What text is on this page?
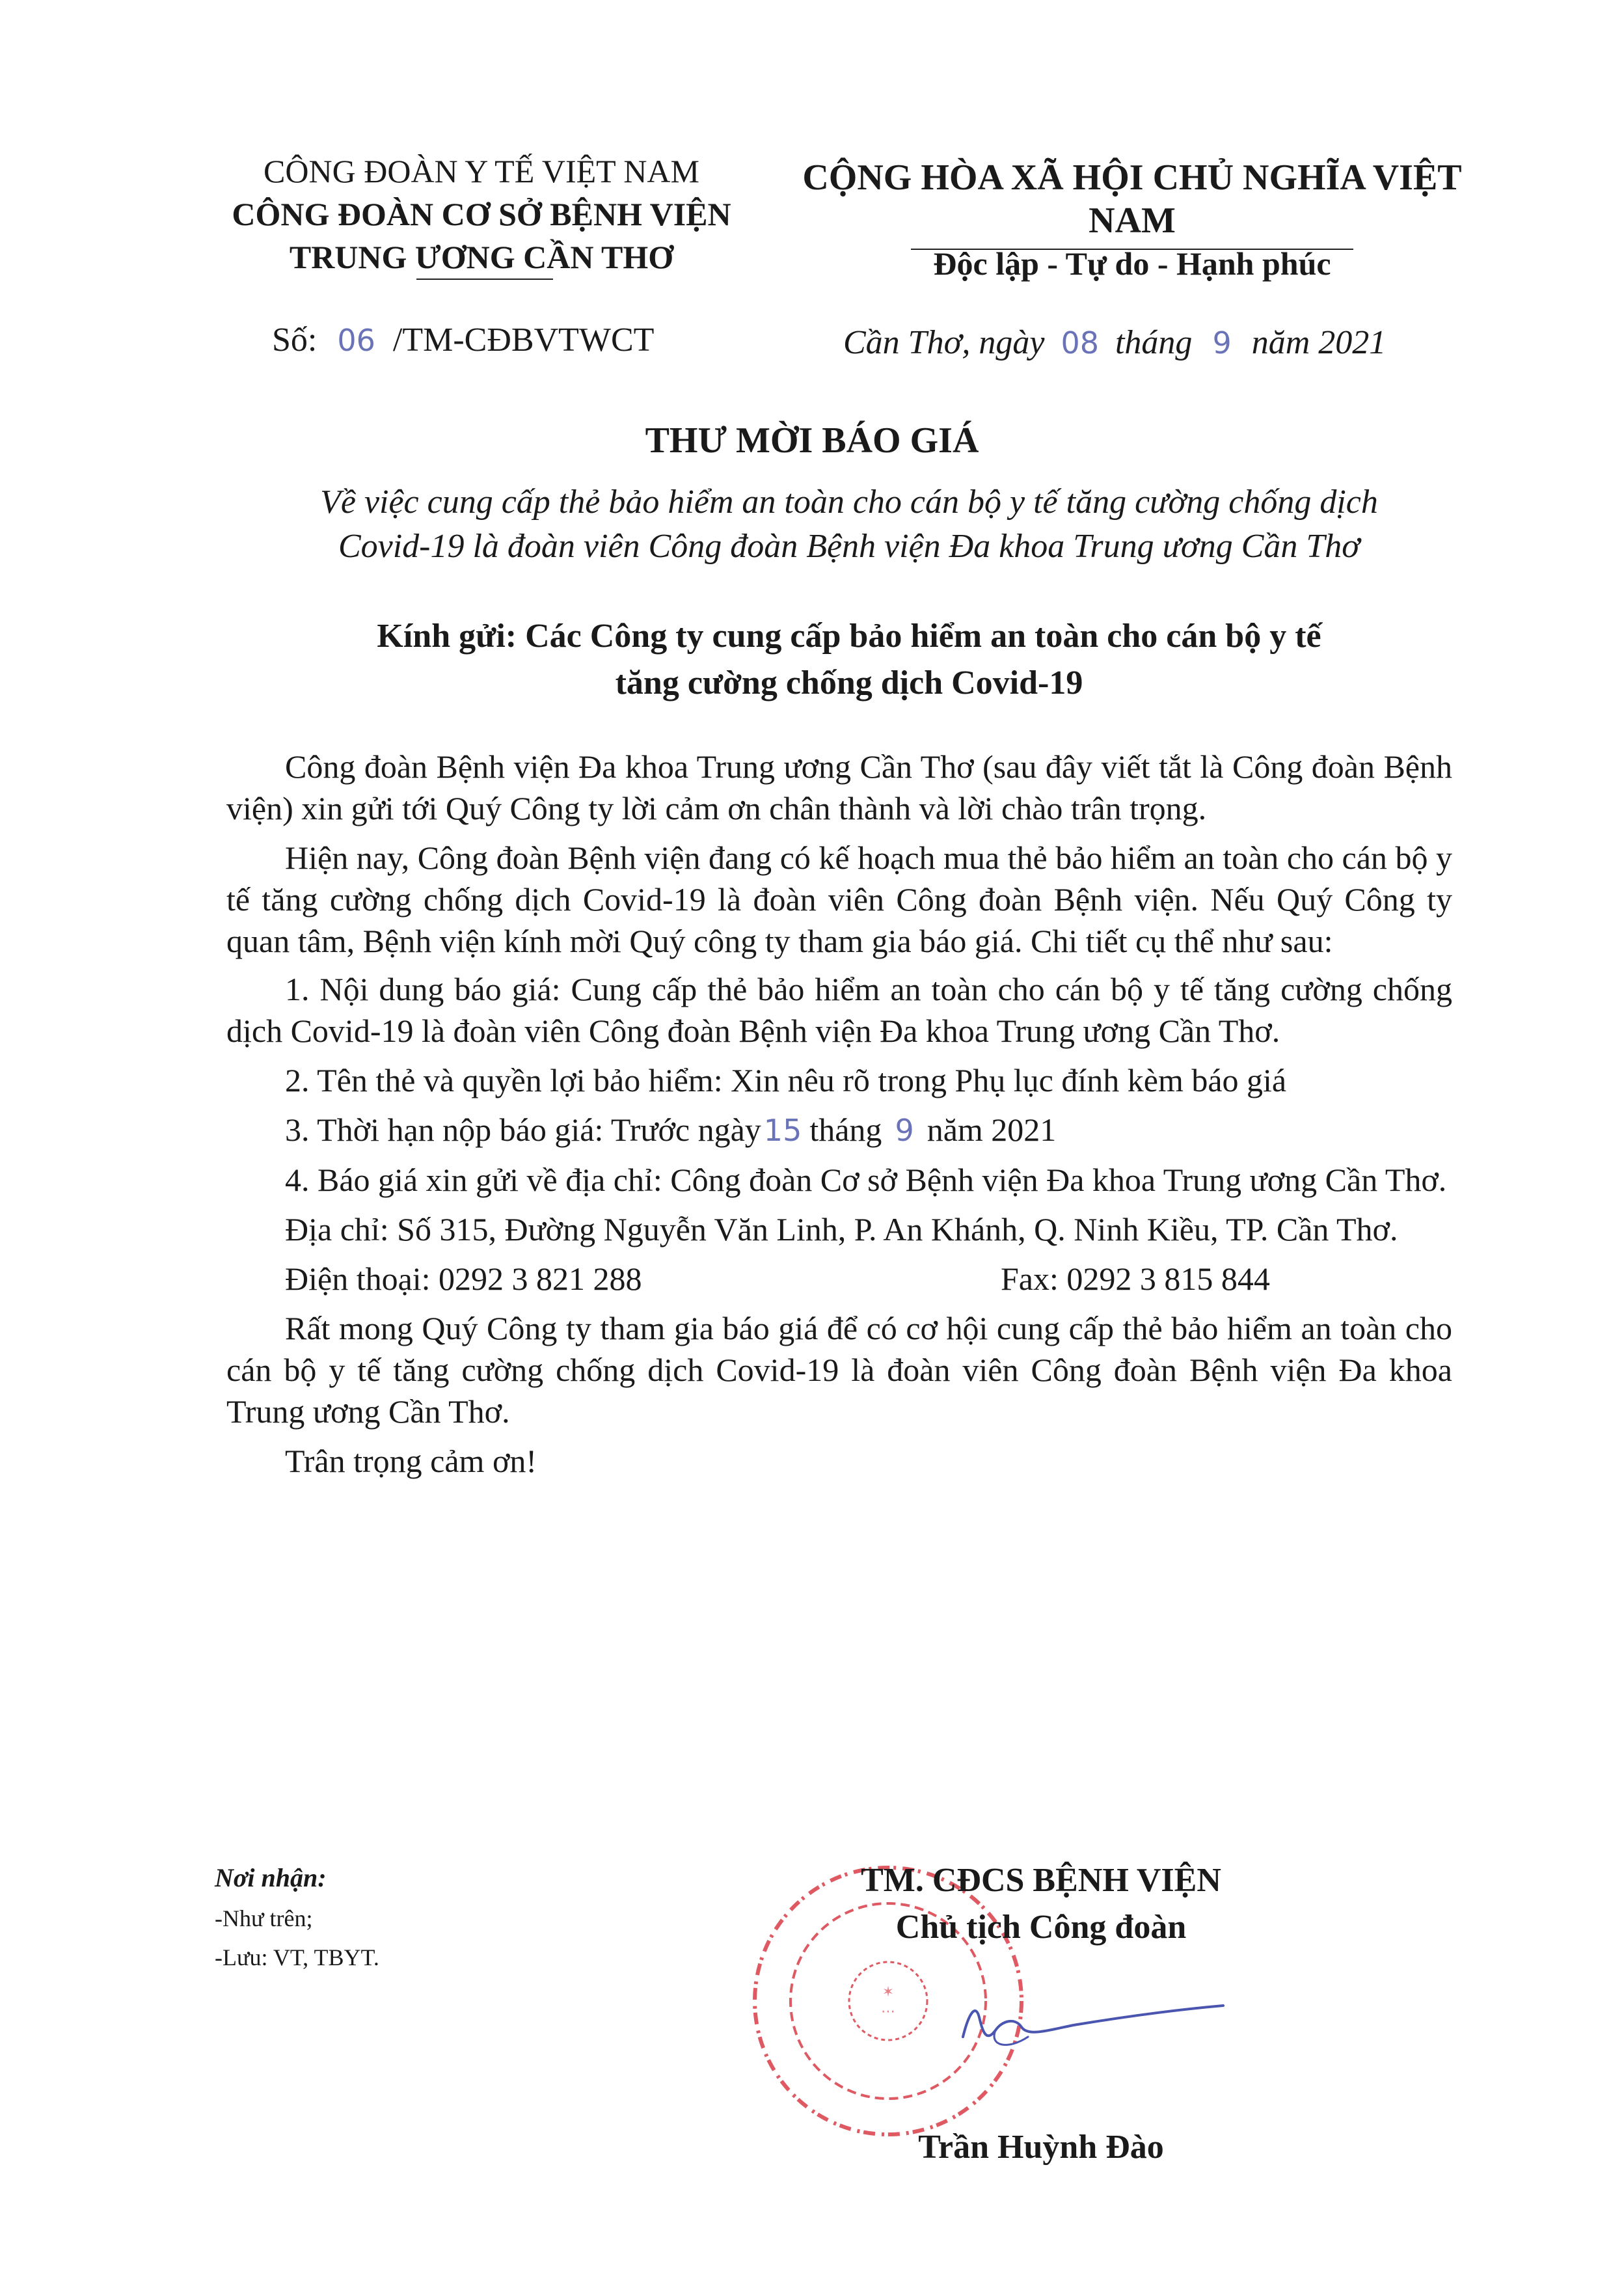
CÔNG ĐOÀN Y TẾ VIỆT NAM
CÔNG ĐOÀN CƠ SỞ BỆNH VIỆN
TRUNG ƯƠNG CẦN THƠ
CỘNG HÒA XÃ HỘI CHỦ NGHĨA VIỆT NAM
Độc lập - Tự do - Hạnh phúc
Số: 06 /TM-CĐBVTWCT	Cần Thơ, ngày 08 tháng 9 năm 2021
THƯ MỜI BÁO GIÁ
Về việc cung cấp thẻ bảo hiểm an toàn cho cán bộ y tế tăng cường chống dịch
Covid-19 là đoàn viên Công đoàn Bệnh viện Đa khoa Trung ương Cần Thơ
Kính gửi: Các Công ty cung cấp bảo hiểm an toàn cho cán bộ y tế
tăng cường chống dịch Covid-19

Công đoàn Bệnh viện Đa khoa Trung ương Cần Thơ (sau đây viết tắt là Công đoàn Bệnh viện) xin gửi tới Quý Công ty lời cảm ơn chân thành và lời chào trân trọng.

Hiện nay, Công đoàn Bệnh viện đang có kế hoạch mua thẻ bảo hiểm an toàn cho cán bộ y tế tăng cường chống dịch Covid-19 là đoàn viên Công đoàn Bệnh viện. Nếu Quý Công ty quan tâm, Bệnh viện kính mời Quý công ty tham gia báo giá. Chi tiết cụ thể như sau:

1. Nội dung báo giá: Cung cấp thẻ bảo hiểm an toàn cho cán bộ y tế tăng cường chống dịch Covid-19 là đoàn viên Công đoàn Bệnh viện Đa khoa Trung ương Cần Thơ.

2. Tên thẻ và quyền lợi bảo hiểm: Xin nêu rõ trong Phụ lục đính kèm báo giá

3. Thời hạn nộp báo giá: Trước ngày15 tháng 9 năm 2021

4. Báo giá xin gửi về địa chỉ: Công đoàn Cơ sở Bệnh viện Đa khoa Trung ương Cần Thơ.

Địa chỉ: Số 315, Đường Nguyễn Văn Linh, P. An Khánh, Q. Ninh Kiều, TP. Cần Thơ.

Điện thoại: 0292 3 821 288	Fax: 0292 3 815 844

Rất mong Quý Công ty tham gia báo giá để có cơ hội cung cấp thẻ bảo hiểm an toàn cho cán bộ y tế tăng cường chống dịch Covid-19 là đoàn viên Công đoàn Bệnh viện Đa khoa Trung ương Cần Thơ.

Trân trọng cảm ơn!

Nơi nhận:
-Như trên;
-Lưu: VT, TBYT.
✶
⋯
TM. CĐCS BỆNH VIỆN
Chủ tịch Công đoàn
Trần Huỳnh Đào
